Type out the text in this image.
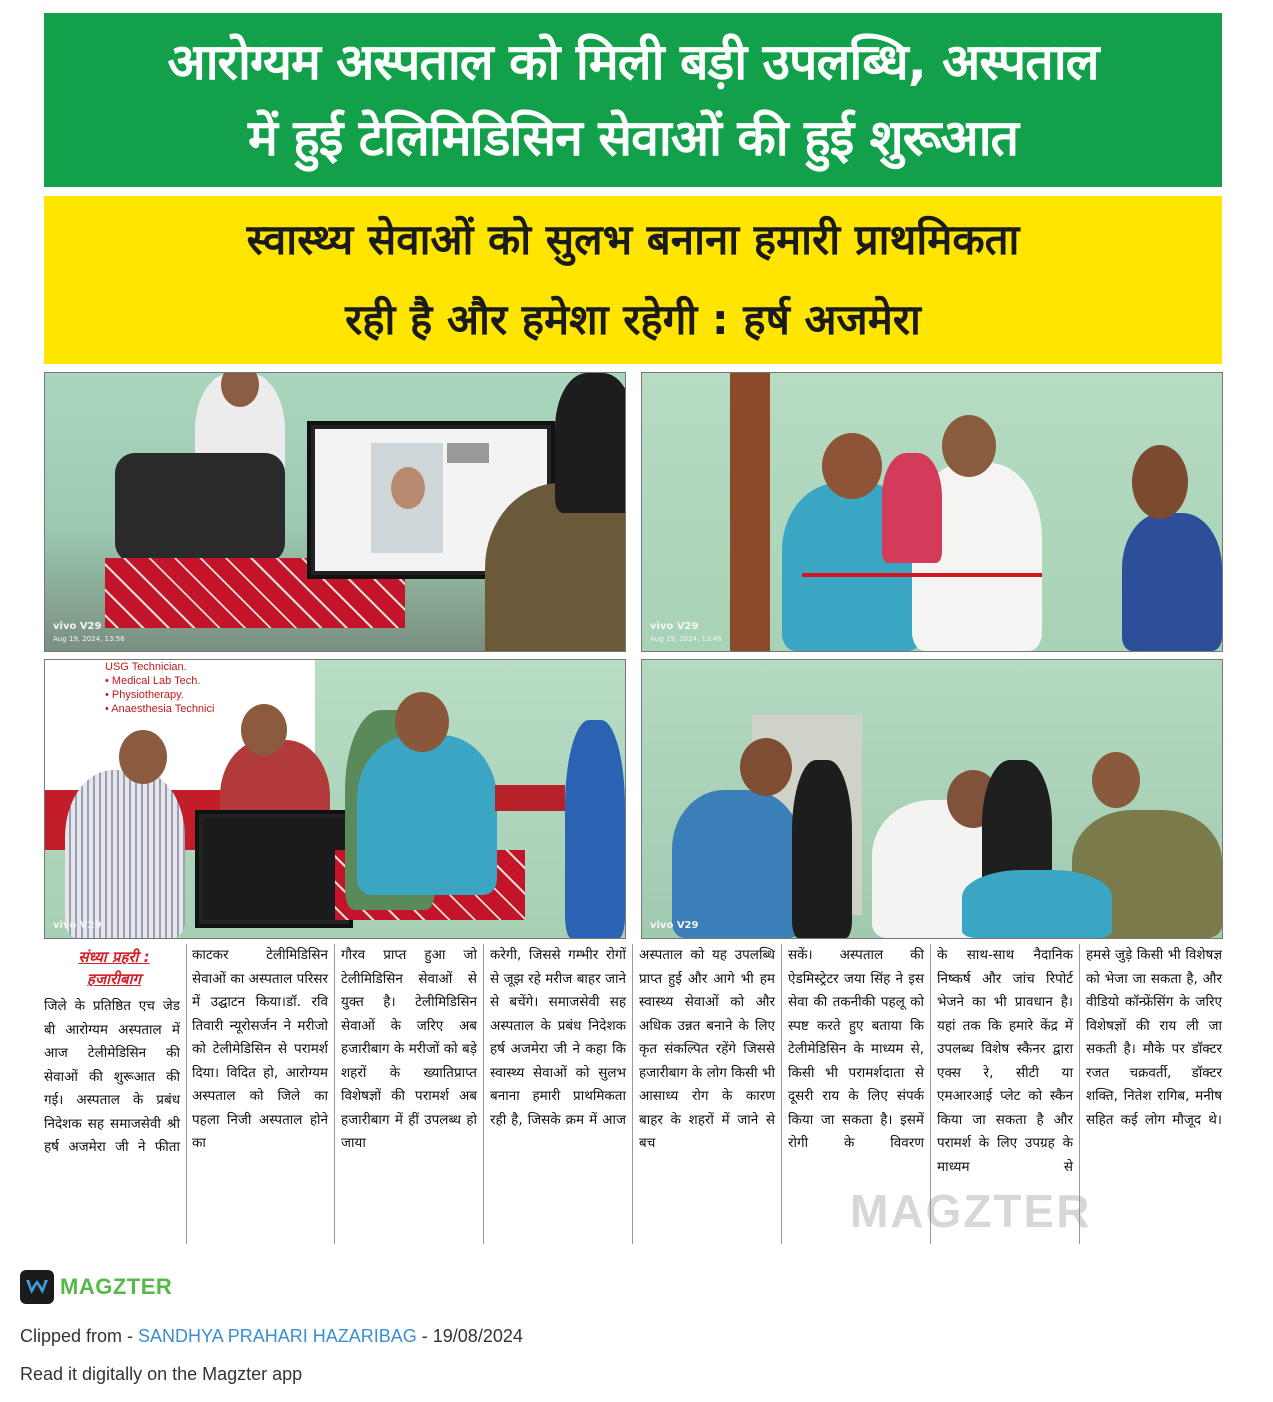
आरोग्यम अस्पताल को मिली बड़ी उपलब्धि, अस्पताल
में हुई टेलिमिडिसिन सेवाओं की हुई शुरूआत
स्वास्थ्य सेवाओं को सुलभ बनाना हमारी प्राथमिकता
रही है और हमेशा रहेगी : हर्ष अजमेरा
vivo V29
Aug 19, 2024, 13:56
vivo V29
Aug 19, 2024, 13:46
USG Technician.
• Medical Lab Tech.
• Physiotherapy.
• Anaesthesia Technici
vivo V29	vivo V29
संध्या प्रहरी :
हजारीबाग
जिले के प्रतिष्ठित एच जेड बी आरोग्यम अस्पताल में आज टेलीमेडिसिन की सेवाओं की शुरूआत की गई। अस्पताल के प्रबंध निदेशक सह समाजसेवी श्री हर्ष अजमेरा जी ने फीता
काटकर टेलीमिडिसिन सेवाओं का अस्पताल परिसर में उद्घाटन किया।डॉ. रवि तिवारी न्यूरोसर्जन ने मरीजो को टेलीमेडिसिन से परामर्श दिया। विदित हो, आरोग्यम अस्पताल को जिले का पहला निजी अस्पताल होने का
गौरव प्राप्त हुआ जो टेलीमिडिसिन सेवाओं से युक्त है। टेलीमिडिसिन सेवाओं के जरिए अब हजारीबाग के मरीजों को बड़े शहरों के ख्यातिप्राप्त विशेषज्ञों की परामर्श अब हजारीबाग में हीं उपलब्ध हो जाया
करेगी, जिससे गम्भीर रोगों से जूझ रहे मरीज बाहर जाने से बचेंगे। समाजसेवी सह अस्पताल के प्रबंध निदेशक हर्ष अजमेरा जी ने कहा कि स्वास्थ्य सेवाओं को सुलभ बनाना हमारी प्राथमिकता रही है, जिसके क्रम में आज
अस्पताल को यह उपलब्धि प्राप्त हुई और आगे भी हम स्वास्थ्य सेवाओं को और अधिक उन्नत बनाने के लिए कृत संकल्पित रहेंगे जिससे हजारीबाग के लोग किसी भी आसाध्य रोग के कारण बाहर के शहरों में जाने से बच
सकें। अस्पताल की ऐडमिस्ट्रेटर जया सिंह ने इस सेवा की तकनीकी पहलू को स्पष्ट करते हुए बताया कि टेलीमेडिसिन के माध्यम से, किसी भी परामर्शदाता से दूसरी राय के लिए संपर्क किया जा सकता है। इसमें रोगी के विवरण
के साथ-साथ नैदानिक निष्कर्ष और जांच रिपोर्ट भेजने का भी प्रावधान है। यहां तक कि हमारे केंद्र में उपलब्ध विशेष स्कैनर द्वारा एक्स रे, सीटी या एमआरआई प्लेट को स्कैन किया जा सकता है और परामर्श के लिए उपग्रह के माध्यम से
हमसे जुड़े किसी भी विशेषज्ञ को भेजा जा सकता है, और वीडियो कॉन्फ्रेंसिंग के जरिए विशेषज्ञों की राय ली जा सकती है। मौके पर डॉक्टर रजत चक्रवर्ती, डॉक्टर शक्ति, नितेश रागिब, मनीष सहित कई लोग मौजूद थे।
MAGZTER
MAGZTER
Clipped from - SANDHYA PRAHARI HAZARIBAG - 19/08/2024
Read it digitally on the Magzter app
